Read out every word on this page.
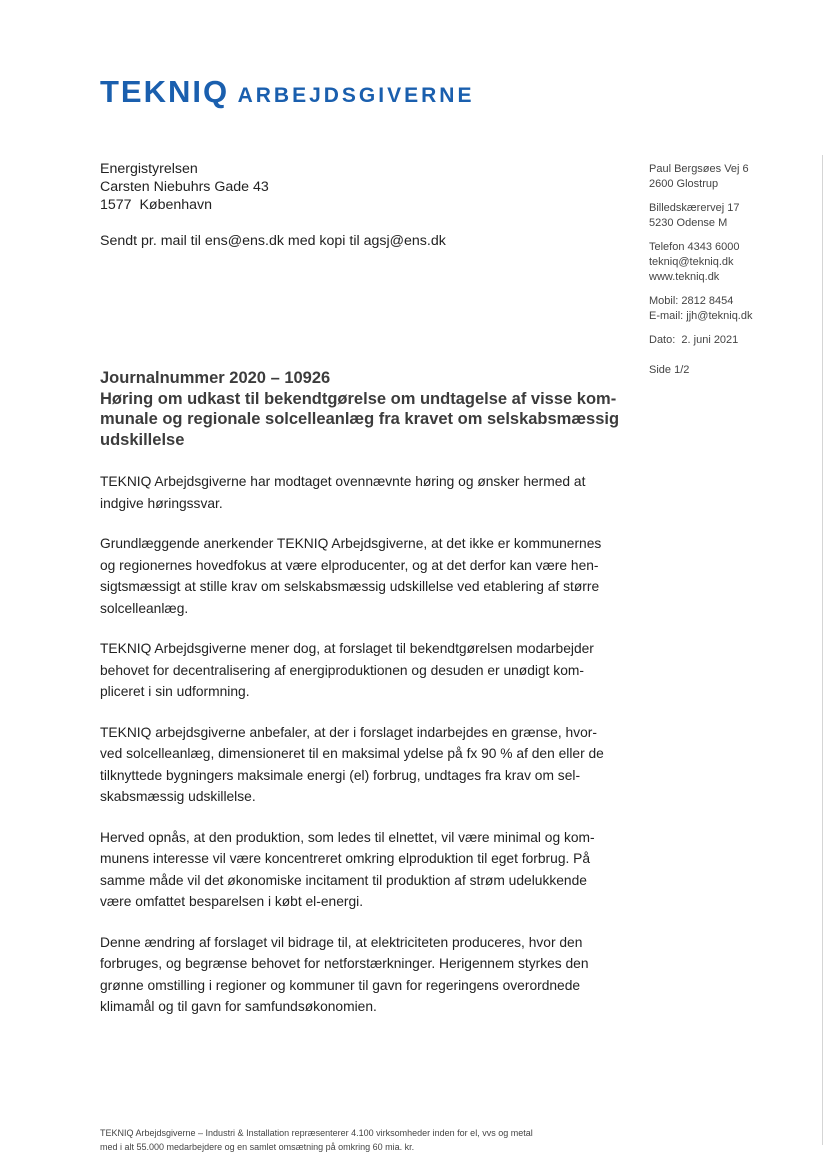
TEKNIQ ARBEJDSGIVERNE
Energistyrelsen
Carsten Niebuhrs Gade 43
1577  København
Sendt pr. mail til ens@ens.dk med kopi til agsj@ens.dk
Paul Bergsøes Vej 6
2600 Glostrup
Billedskærervej 17
5230 Odense M
Telefon 4343 6000
tekniq@tekniq.dk
www.tekniq.dk
Mobil: 2812 8454
E-mail: jjh@tekniq.dk
Dato:  2. juni 2021
Side 1/2
Journalnummer 2020 – 10926
Høring om udkast til bekendtgørelse om undtagelse af visse kom-
munale og regionale solcelleanlæg fra kravet om selskabsmæssig
udskillelse

TEKNIQ Arbejdsgiverne har modtaget ovennævnte høring og ønsker hermed at
indgive høringssvar.

Grundlæggende anerkender TEKNIQ Arbejdsgiverne, at det ikke er kommunernes
og regionernes hovedfokus at være elproducenter, og at det derfor kan være hen-
sigtsmæssigt at stille krav om selskabsmæssig udskillelse ved etablering af større
solcelleanlæg.

TEKNIQ Arbejdsgiverne mener dog, at forslaget til bekendtgørelsen modarbejder
behovet for decentralisering af energiproduktionen og desuden er unødigt kom-
pliceret i sin udformning.

TEKNIQ arbejdsgiverne anbefaler, at der i forslaget indarbejdes en grænse, hvor-
ved solcelleanlæg, dimensioneret til en maksimal ydelse på fx 90 % af den eller de
tilknyttede bygningers maksimale energi (el) forbrug, undtages fra krav om sel-
skabsmæssig udskillelse.

Herved opnås, at den produktion, som ledes til elnettet, vil være minimal og kom-
munens interesse vil være koncentreret omkring elproduktion til eget forbrug. På
samme måde vil det økonomiske incitament til produktion af strøm udelukkende
være omfattet besparelsen i købt el-energi.

Denne ændring af forslaget vil bidrage til, at elektriciteten produceres, hvor den
forbruges, og begrænse behovet for netforstærkninger. Herigennem styrkes den
grønne omstilling i regioner og kommuner til gavn for regeringens overordnede
klimamål og til gavn for samfundsøkonomien.

TEKNIQ Arbejdsgiverne – Industri & Installation repræsenterer 4.100 virksomheder inden for el, vvs og metal
med i alt 55.000 medarbejdere og en samlet omsætning på omkring 60 mia. kr.
